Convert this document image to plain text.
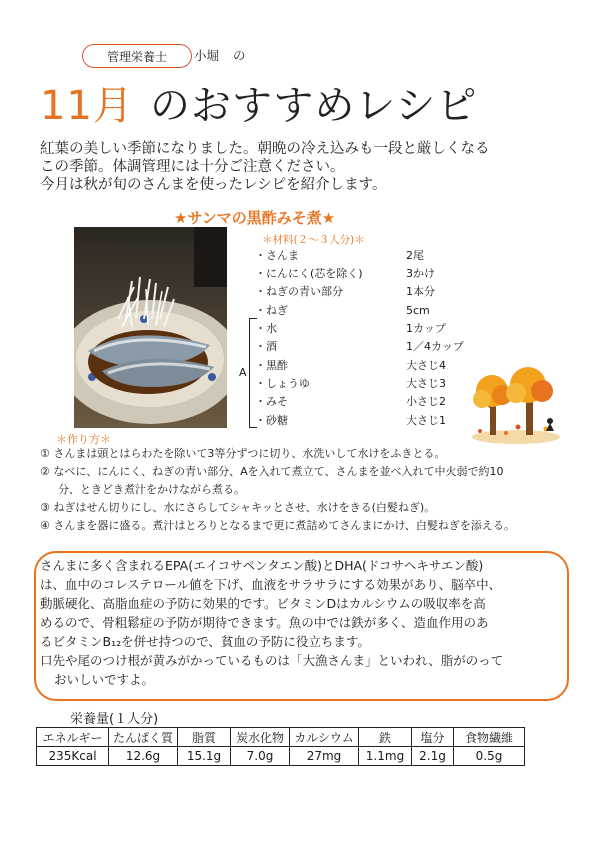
管理栄養士	小堀 の
11月 のおすすめレシピ

紅葉の美しい季節になりました。朝晩の冷え込みも一段と厳しくなる

この季節。体調管理には十分ご注意ください。

今月は秋が旬のさんまを使ったレシピを紹介します。

★サンマの黒酢みそ煮★
＊材料(２～３人分)＊
・さんま	2尾
・にんにく(芯を除く)	3かけ
・ねぎの青い部分	1本分
・ねぎ	5cm
・水	1カップ
・酒	1／4カップ
・黒酢	大さじ4
・しょうゆ	大さじ3
・みそ	小さじ2
・砂糖	大さじ1
A
＊作り方＊

① さんまは頭とはらわたを除いて3等分ずつに切り、水洗いして水けをふきとる。

② なべに、にんにく、ねぎの青い部分、Aを入れて煮立て、さんまを並べ入れて中火弱で約10
分、ときどき煮汁をかけながら煮る。

③ ねぎはせん切りにし、水にさらしてシャキッとさせ、水けをきる(白髪ねぎ)。

④ さんまを器に盛る。煮汁はとろりとなるまで更に煮詰めてさんまにかけ、白髪ねぎを添える。

さんまに多く含まれるEPA(エイコサペンタエン酸)とDHA(ドコサヘキサエン酸)

は、血中のコレステロール値を下げ、血液をサラサラにする効果があり、脳卒中、

動脈硬化、高脂血症の予防に効果的です。ビタミンDはカルシウムの吸収率を高

めるので、骨粗鬆症の予防が期待できます。魚の中では鉄が多く、造血作用のあ

るビタミンB₁₂を併せ持つので、貧血の予防に役立ちます。

口先や尾のつけ根が黄みがかっているものは「大漁さんま」といわれ、脂がのって

おいしいですよ。

栄養量(１人分)
エネルギー	たんぱく質	脂質	炭水化物	カルシウム	鉄	塩分	食物繊維
235Kcal	12.6g	15.1g	7.0g	27mg	1.1mg	2.1g	0.5g
